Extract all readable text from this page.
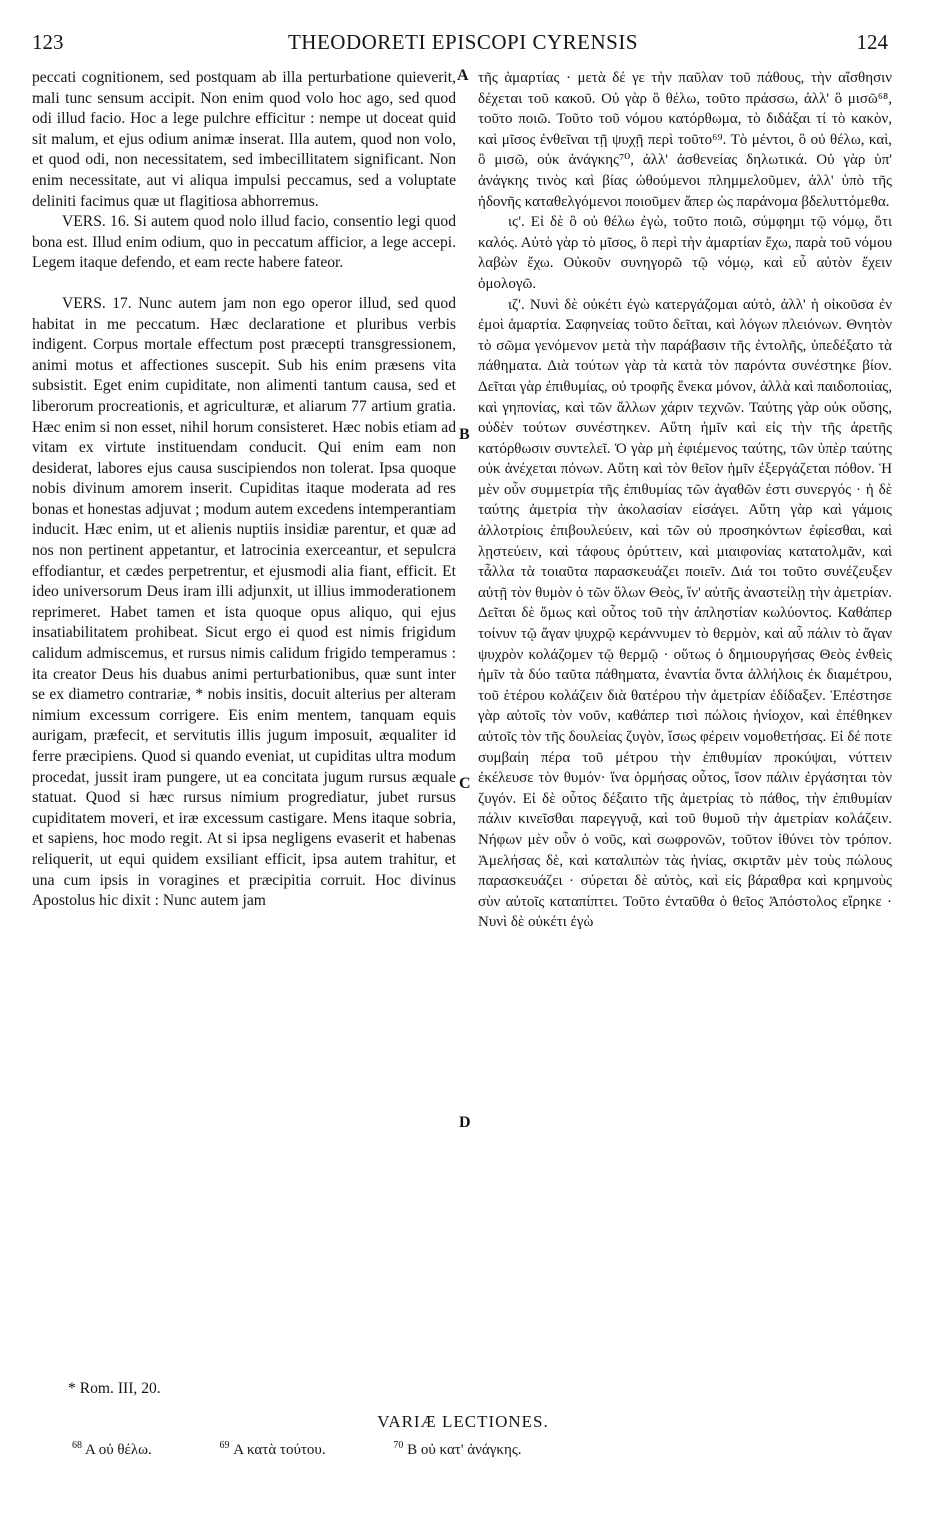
123	THEODORETI EPISCOPI CYRENSIS	124
A
B
C
D

peccati cognitionem, sed postquam ab illa perturbatione quieverit, mali tunc sensum accipit. Non enim quod volo hoc ago, sed quod odi illud facio. Hoc a lege pulchre efficitur : nempe ut doceat quid sit malum, et ejus odium animæ inserat. Illa autem, quod non volo, et quod odi, non necessitatem, sed imbecillitatem significant. Non enim necessitate, aut vi aliqua impulsi peccamus, sed a voluptate deliniti facimus quæ ut flagitiosa abhorremus.

VERS. 16. Si autem quod nolo illud facio, consentio legi quod bona est. Illud enim odium, quo in peccatum afficior, a lege accepi. Legem itaque defendo, et eam recte habere fateor.

VERS. 17. Nunc autem jam non ego operor illud, sed quod habitat in me peccatum. Hæc declaratione et pluribus verbis indigent. Corpus mortale effectum post præcepti transgressionem, animi motus et affectiones suscepit. Sub his enim præsens vita subsistit. Eget enim cupiditate, non alimenti tantum causa, sed et liberorum procreationis, et agriculturæ, et aliarum 77 artium gratia. Hæc enim si non esset, nihil horum consisteret. Hæc nobis etiam ad vitam ex virtute instituendam conducit. Qui enim eam non desiderat, labores ejus causa suscipiendos non tolerat. Ipsa quoque nobis divinum amorem inserit. Cupiditas itaque moderata ad res bonas et honestas adjuvat ; modum autem excedens intemperantiam inducit. Hæc enim, ut et alienis nuptiis insidiæ parentur, et quæ ad nos non pertinent appetantur, et latrocinia exerceantur, et sepulcra effodiantur, et cædes perpetrentur, et ejusmodi alia fiant, efficit. Et ideo universorum Deus iram illi adjunxit, ut illius immoderationem reprimeret. Habet tamen et ista quoque opus aliquo, qui ejus insatiabilitatem prohibeat. Sicut ergo ei quod est nimis frigidum calidum admiscemus, et rursus nimis calidum frigido temperamus : ita creator Deus his duabus animi perturbationibus, quæ sunt inter se ex diametro contrariæ, * nobis insitis, docuit alterius per alteram nimium excessum corrigere. Eis enim mentem, tanquam equis aurigam, præfecit, et servitutis illis jugum imposuit, æqualiter id ferre præcipiens. Quod si quando eveniat, ut cupiditas ultra modum procedat, jussit iram pungere, ut ea concitata jugum rursus æquale statuat. Quod si hæc rursus nimium progrediatur, jubet rursus cupiditatem moveri, et iræ excessum castigare. Mens itaque sobria, et sapiens, hoc modo regit. At si ipsa negligens evaserit et habenas reliquerit, ut equi quidem exsiliant efficit, ipsa autem trahitur, et una cum ipsis in voragines et præcipitia corruit. Hoc divinus Apostolus hic dixit : Nunc autem jam

τῆς ἁμαρτίας · μετὰ δέ γε τὴν παῦλαν τοῦ πάθους, τὴν αἴσθησιν δέχεται τοῦ κακοῦ. Οὐ γὰρ ὃ θέλω, τοῦτο πράσσω, ἀλλ' ὃ μισῶ⁶⁸, τοῦτο ποιῶ. Τοῦτο τοῦ νόμου κατόρθωμα, τὸ διδάξαι τί τὸ κακὸν, καὶ μῖσος ἐνθεῖναι τῇ ψυχῇ περὶ τοῦτο⁶⁹. Τὸ μέντοι, ὃ οὐ θέλω, καὶ, ὃ μισῶ, οὐκ ἀνάγκης⁷⁰, ἀλλ' ἀσθενείας δηλωτικά. Οὐ γὰρ ὑπ' ἀνάγκης τινὸς καὶ βίας ὠθούμενοι πλημμελοῦμεν, ἀλλ' ὑπὸ τῆς ἡδονῆς καταθελγόμενοι ποιοῦμεν ἅπερ ὡς παράνομα βδελυττόμεθα.

ιϛ'. Εἰ δὲ ὃ οὐ θέλω ἐγὼ, τοῦτο ποιῶ, σύμφημι τῷ νόμῳ, ὅτι καλός. Αὐτὸ γὰρ τὸ μῖσος, ὃ περὶ τὴν ἁμαρτίαν ἔχω, παρὰ τοῦ νόμου λαβὼν ἔχω. Οὐκοῦν συνηγορῶ τῷ νόμῳ, καὶ εὖ αὐτὸν ἔχειν ὁμολογῶ.

ιζ'. Νυνὶ δὲ οὐκέτι ἐγὼ κατεργάζομαι αὐτὸ, ἀλλ' ἡ οἰκοῦσα ἐν ἐμοὶ ἁμαρτία. Σαφηνείας τοῦτο δεῖται, καὶ λόγων πλειόνων. Θνητὸν τὸ σῶμα γενόμενον μετὰ τὴν παράβασιν τῆς ἐντολῆς, ὑπεδέξατο τὰ πάθηματα. Διὰ τούτων γὰρ τὰ κατὰ τὸν παρόντα συνέστηκε βίον. Δεῖται γὰρ ἐπιθυμίας, οὐ τροφῆς ἕνεκα μόνον, ἀλλὰ καὶ παιδοποιίας, καὶ γηπονίας, καὶ τῶν ἄλλων χάριν τεχνῶν. Ταύτης γὰρ οὐκ οὔσης, οὐδὲν τούτων συνέστηκεν. Αὕτη ἡμῖν καὶ εἰς τὴν τῆς ἀρετῆς κατόρθωσιν συντελεῖ. Ὁ γὰρ μὴ ἐφιέμενος ταύτης, τῶν ὑπὲρ ταύτης οὐκ ἀνέχεται πόνων. Αὕτη καὶ τὸν θεῖον ἡμῖν ἐξεργάζεται πόθον. Ἡ μὲν οὖν συμμετρία τῆς ἐπιθυμίας τῶν ἀγαθῶν ἐστι συνεργός · ἡ δὲ ταύτης ἀμετρία τὴν ἀκολασίαν εἰσάγει. Αὕτη γὰρ καὶ γάμοις ἀλλοτρίοις ἐπιβουλεύειν, καὶ τῶν οὐ προσηκόντων ἐφίεσθαι, καὶ λῃστεύειν, καὶ τάφους ὀρύττειν, καὶ μιαιφονίας κατατολμᾶν, καὶ τἆλλα τὰ τοιαῦτα παρασκευάζει ποιεῖν. Διά τοι τοῦτο συνέζευξεν αὐτῇ τὸν θυμὸν ὁ τῶν ὅλων Θεὸς, ἵν' αὐτῆς ἀναστείλῃ τὴν ἀμετρίαν. Δεῖται δὲ ὅμως καὶ οὗτος τοῦ τὴν ἀπληστίαν κωλύοντος. Καθάπερ τοίνυν τῷ ἄγαν ψυχρῷ κεράννυμεν τὸ θερμὸν, καὶ αὖ πάλιν τὸ ἄγαν ψυχρὸν κολάζομεν τῷ θερμῷ · οὕτως ὁ δημιουργήσας Θεὸς ἐνθεὶς ἡμῖν τὰ δύο ταῦτα πάθηματα, ἐναντία ὄντα ἀλλήλοις ἐκ διαμέτρου, τοῦ ἑτέρου κολάζειν διὰ θατέρου τὴν ἀμετρίαν ἐδίδαξεν. Ἐπέστησε γὰρ αὐτοῖς τὸν νοῦν, καθάπερ τισὶ πώλοις ἡνίοχον, καὶ ἐπέθηκεν αὐτοῖς τὸν τῆς δουλείας ζυγὸν, ἴσως φέρειν νομοθετήσας. Εἰ δέ ποτε συμβαίη πέρα τοῦ μέτρου τὴν ἐπιθυμίαν προκύψαι, νύττειν ἐκέλευσε τὸν θυμόν· ἵνα ὁρμήσας οὗτος, ἴσον πάλιν ἐργάσηται τὸν ζυγόν. Εἰ δὲ οὗτος δέξαιτο τῆς ἀμετρίας τὸ πάθος, τὴν ἐπιθυμίαν πάλιν κινεῖσθαι παρεγγυᾷ, καὶ τοῦ θυμοῦ τὴν ἀμετρίαν κολάζειν. Νήφων μὲν οὖν ὁ νοῦς, καὶ σωφρονῶν, τοῦτον ἰθύνει τὸν τρόπον. Ἀμελήσας δὲ, καὶ καταλιπὼν τὰς ἡνίας, σκιρτᾶν μὲν τοὺς πώλους παρασκευάζει · σύρεται δὲ αὐτὸς, καὶ εἰς βάραθρα καὶ κρημνοὺς σὺν αὐτοῖς καταπίπτει. Τοῦτο ἐνταῦθα ὁ θεῖος Ἀπόστολος εἴρηκε · Νυνὶ δὲ οὐκέτι ἐγὼ

* Rom. III, 20.
VARIÆ LECTIONES.
$^{68}$ A οὐ θέλω.	$^{69}$ A κατὰ τούτου.	$^{70}$ B οὐ κατ' ἀνάγκης.
